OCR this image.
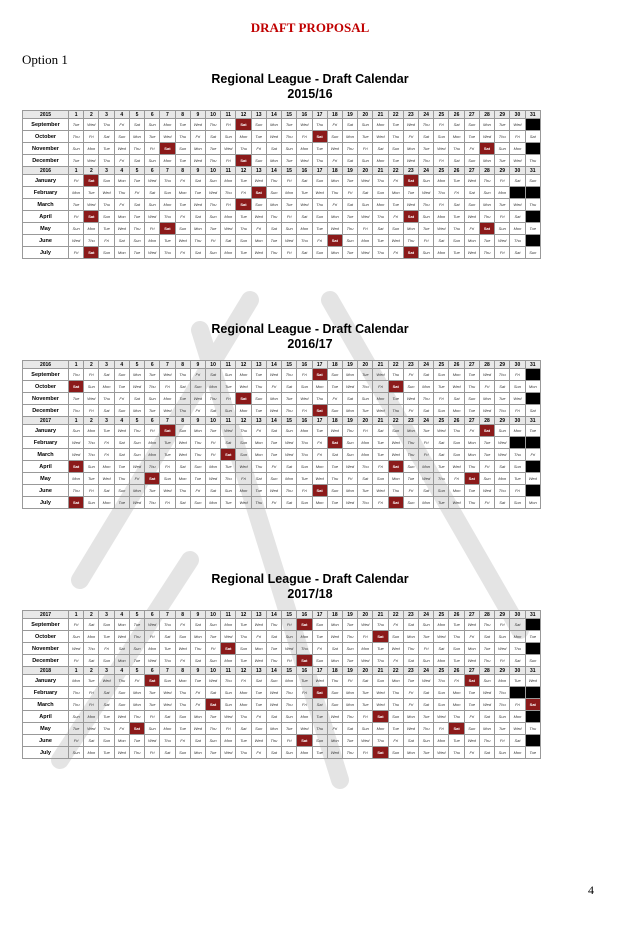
DRAFT PROPOSAL
Option 1
Regional League - Draft Calendar
2015/16
2015	1	2	3	4	5	6	7	8	9	10	11	12	13	14	15	16	17	18	19	20	21	22	23	24	25	26	27	28	29	30	31
September	Tue	Wed	Thu	Fri	Sat	Sun	Mon	Tue	Wed	Thu	Fri	Sat	Sun	Mon	Tue	Wed	Thu	Fri	Sat	Sun	Mon	Tue	Wed	Thu	Fri	Sat	Sun	Mon	Tue	Wed	
October	Thu	Fri	Sat	Sun	Mon	Tue	Wed	Thu	Fri	Sat	Sun	Mon	Tue	Wed	Thu	Fri	Sat	Sun	Mon	Tue	Wed	Thu	Fri	Sat	Sun	Mon	Tue	Wed	Thu	Fri	Sat
November	Sun	Mon	Tue	Wed	Thu	Fri	Sat	Sun	Mon	Tue	Wed	Thu	Fri	Sat	Sun	Mon	Tue	Wed	Thu	Fri	Sat	Sun	Mon	Tue	Wed	Thu	Fri	Sat	Sun	Mon	
December	Tue	Wed	Thu	Fri	Sat	Sun	Mon	Tue	Wed	Thu	Fri	Sat	Sun	Mon	Tue	Wed	Thu	Fri	Sat	Sun	Mon	Tue	Wed	Thu	Fri	Sat	Sun	Mon	Tue	Wed	Thu
2016	1	2	3	4	5	6	7	8	9	10	11	12	13	14	15	16	17	18	19	20	21	22	23	24	25	26	27	28	29	30	31
January	Fri	Sat	Sun	Mon	Tue	Wed	Thu	Fri	Sat	Sun	Mon	Tue	Wed	Thu	Fri	Sat	Sun	Mon	Tue	Wed	Thu	Fri	Sat	Sun	Mon	Tue	Wed	Thu	Fri	Sat	Sun
February	Mon	Tue	Wed	Thu	Fri	Sat	Sun	Mon	Tue	Wed	Thu	Fri	Sat	Sun	Mon	Tue	Wed	Thu	Fri	Sat	Sun	Mon	Tue	Wed	Thu	Fri	Sat	Sun	Mon		
March	Tue	Wed	Thu	Fri	Sat	Sun	Mon	Tue	Wed	Thu	Fri	Sat	Sun	Mon	Tue	Wed	Thu	Fri	Sat	Sun	Mon	Tue	Wed	Thu	Fri	Sat	Sun	Mon	Tue	Wed	Thu
April	Fri	Sat	Sun	Mon	Tue	Wed	Thu	Fri	Sat	Sun	Mon	Tue	Wed	Thu	Fri	Sat	Sun	Mon	Tue	Wed	Thu	Fri	Sat	Sun	Mon	Tue	Wed	Thu	Fri	Sat	
May	Sun	Mon	Tue	Wed	Thu	Fri	Sat	Sun	Mon	Tue	Wed	Thu	Fri	Sat	Sun	Mon	Tue	Wed	Thu	Fri	Sat	Sun	Mon	Tue	Wed	Thu	Fri	Sat	Sun	Mon	Tue
June	Wed	Thu	Fri	Sat	Sun	Mon	Tue	Wed	Thu	Fri	Sat	Sun	Mon	Tue	Wed	Thu	Fri	Sat	Sun	Mon	Tue	Wed	Thu	Fri	Sat	Sun	Mon	Tue	Wed	Thu	
July	Fri	Sat	Sun	Mon	Tue	Wed	Thu	Fri	Sat	Sun	Mon	Tue	Wed	Thu	Fri	Sat	Sun	Mon	Tue	Wed	Thu	Fri	Sat	Sun	Mon	Tue	Wed	Thu	Fri	Sat	Sun
Regional League - Draft Calendar
2016/17
2016	1	2	3	4	5	6	7	8	9	10	11	12	13	14	15	16	17	18	19	20	21	22	23	24	25	26	27	28	29	30	31
September	Thu	Fri	Sat	Sun	Mon	Tue	Wed	Thu	Fri	Sat	Sun	Mon	Tue	Wed	Thu	Fri	Sat	Sun	Mon	Tue	Wed	Thu	Fri	Sat	Sun	Mon	Tue	Wed	Thu	Fri	
October	Sat	Sun	Mon	Tue	Wed	Thu	Fri	Sat	Sun	Mon	Tue	Wed	Thu	Fri	Sat	Sun	Mon	Tue	Wed	Thu	Fri	Sat	Sun	Mon	Tue	Wed	Thu	Fri	Sat	Sun	Mon
November	Tue	Wed	Thu	Fri	Sat	Sun	Mon	Tue	Wed	Thu	Fri	Sat	Sun	Mon	Tue	Wed	Thu	Fri	Sat	Sun	Mon	Tue	Wed	Thu	Fri	Sat	Sun	Mon	Tue	Wed	
December	Thu	Fri	Sat	Sun	Mon	Tue	Wed	Thu	Fri	Sat	Sun	Mon	Tue	Wed	Thu	Fri	Sat	Sun	Mon	Tue	Wed	Thu	Fri	Sat	Sun	Mon	Tue	Wed	Thu	Fri	Sat
2017	1	2	3	4	5	6	7	8	9	10	11	12	13	14	15	16	17	18	19	20	21	22	23	24	25	26	27	28	29	30	31
January	Sun	Mon	Tue	Wed	Thu	Fri	Sat	Sun	Mon	Tue	Wed	Thu	Fri	Sat	Sun	Mon	Tue	Wed	Thu	Fri	Sat	Sun	Mon	Tue	Wed	Thu	Fri	Sat	Sun	Mon	Tue
February	Wed	Thu	Fri	Sat	Sun	Mon	Tue	Wed	Thu	Fri	Sat	Sun	Mon	Tue	Wed	Thu	Fri	Sat	Sun	Mon	Tue	Wed	Thu	Fri	Sat	Sun	Mon	Tue	Wed		
March	Wed	Thu	Fri	Sat	Sun	Mon	Tue	Wed	Thu	Fri	Sat	Sun	Mon	Tue	Wed	Thu	Fri	Sat	Sun	Mon	Tue	Wed	Thu	Fri	Sat	Sun	Mon	Tue	Wed	Thu	Fri
April	Sat	Sun	Mon	Tue	Wed	Thu	Fri	Sat	Sun	Mon	Tue	Wed	Thu	Fri	Sat	Sun	Mon	Tue	Wed	Thu	Fri	Sat	Sun	Mon	Tue	Wed	Thu	Fri	Sat	Sun	
May	Mon	Tue	Wed	Thu	Fri	Sat	Sun	Mon	Tue	Wed	Thu	Fri	Sat	Sun	Mon	Tue	Wed	Thu	Fri	Sat	Sun	Mon	Tue	Wed	Thu	Fri	Sat	Sun	Mon	Tue	Wed
June	Thu	Fri	Sat	Sun	Mon	Tue	Wed	Thu	Fri	Sat	Sun	Mon	Tue	Wed	Thu	Fri	Sat	Sun	Mon	Tue	Wed	Thu	Fri	Sat	Sun	Mon	Tue	Wed	Thu	Fri	
July	Sat	Sun	Mon	Tue	Wed	Thu	Fri	Sat	Sun	Mon	Tue	Wed	Thu	Fri	Sat	Sun	Mon	Tue	Wed	Thu	Fri	Sat	Sun	Mon	Tue	Wed	Thu	Fri	Sat	Sun	Mon
Regional League - Draft Calendar
2017/18
2017	1	2	3	4	5	6	7	8	9	10	11	12	13	14	15	16	17	18	19	20	21	22	23	24	25	26	27	28	29	30	31
September	Fri	Sat	Sun	Mon	Tue	Wed	Thu	Fri	Sat	Sun	Mon	Tue	Wed	Thu	Fri	Sat	Sun	Mon	Tue	Wed	Thu	Fri	Sat	Sun	Mon	Tue	Wed	Thu	Fri	Sat	
October	Sun	Mon	Tue	Wed	Thu	Fri	Sat	Sun	Mon	Tue	Wed	Thu	Fri	Sat	Sun	Mon	Tue	Wed	Thu	Fri	Sat	Sun	Mon	Tue	Wed	Thu	Fri	Sat	Sun	Mon	Tue
November	Wed	Thu	Fri	Sat	Sun	Mon	Tue	Wed	Thu	Fri	Sat	Sun	Mon	Tue	Wed	Thu	Fri	Sat	Sun	Mon	Tue	Wed	Thu	Fri	Sat	Sun	Mon	Tue	Wed	Thu	
December	Fri	Sat	Sun	Mon	Tue	Wed	Thu	Fri	Sat	Sun	Mon	Tue	Wed	Thu	Fri	Sat	Sun	Mon	Tue	Wed	Thu	Fri	Sat	Sun	Mon	Tue	Wed	Thu	Fri	Sat	Sun
2018	1	2	3	4	5	6	7	8	9	10	11	12	13	14	15	16	17	18	19	20	21	22	23	24	25	26	27	28	29	30	31
January	Mon	Tue	Wed	Thu	Fri	Sat	Sun	Mon	Tue	Wed	Thu	Fri	Sat	Sun	Mon	Tue	Wed	Thu	Fri	Sat	Sun	Mon	Tue	Wed	Thu	Fri	Sat	Sun	Mon	Tue	Wed
February	Thu	Fri	Sat	Sun	Mon	Tue	Wed	Thu	Fri	Sat	Sun	Mon	Tue	Wed	Thu	Fri	Sat	Sun	Mon	Tue	Wed	Thu	Fri	Sat	Sun	Mon	Tue	Wed	Thu		
March	Thu	Fri	Sat	Sun	Mon	Tue	Wed	Thu	Fri	Sat	Sun	Mon	Tue	Wed	Thu	Fri	Sat	Sun	Mon	Tue	Wed	Thu	Fri	Sat	Sun	Mon	Tue	Wed	Thu	Fri	Sat
April	Sun	Mon	Tue	Wed	Thu	Fri	Sat	Sun	Mon	Tue	Wed	Thu	Fri	Sat	Sun	Mon	Tue	Wed	Thu	Fri	Sat	Sun	Mon	Tue	Wed	Thu	Fri	Sat	Sun	Mon	
May	Tue	Wed	Thu	Fri	Sat	Sun	Mon	Tue	Wed	Thu	Fri	Sat	Sun	Mon	Tue	Wed	Thu	Fri	Sat	Sun	Mon	Tue	Wed	Thu	Fri	Sat	Sun	Mon	Tue	Wed	Thu
June	Fri	Sat	Sun	Mon	Tue	Wed	Thu	Fri	Sat	Sun	Mon	Tue	Wed	Thu	Fri	Sat	Sun	Mon	Tue	Wed	Thu	Fri	Sat	Sun	Mon	Tue	Wed	Thu	Fri	Sat	
July	Sun	Mon	Tue	Wed	Thu	Fri	Sat	Sun	Mon	Tue	Wed	Thu	Fri	Sat	Sun	Mon	Tue	Wed	Thu	Fri	Sat	Sun	Mon	Tue	Wed	Thu	Fri	Sat	Sun	Mon	Tue
4
